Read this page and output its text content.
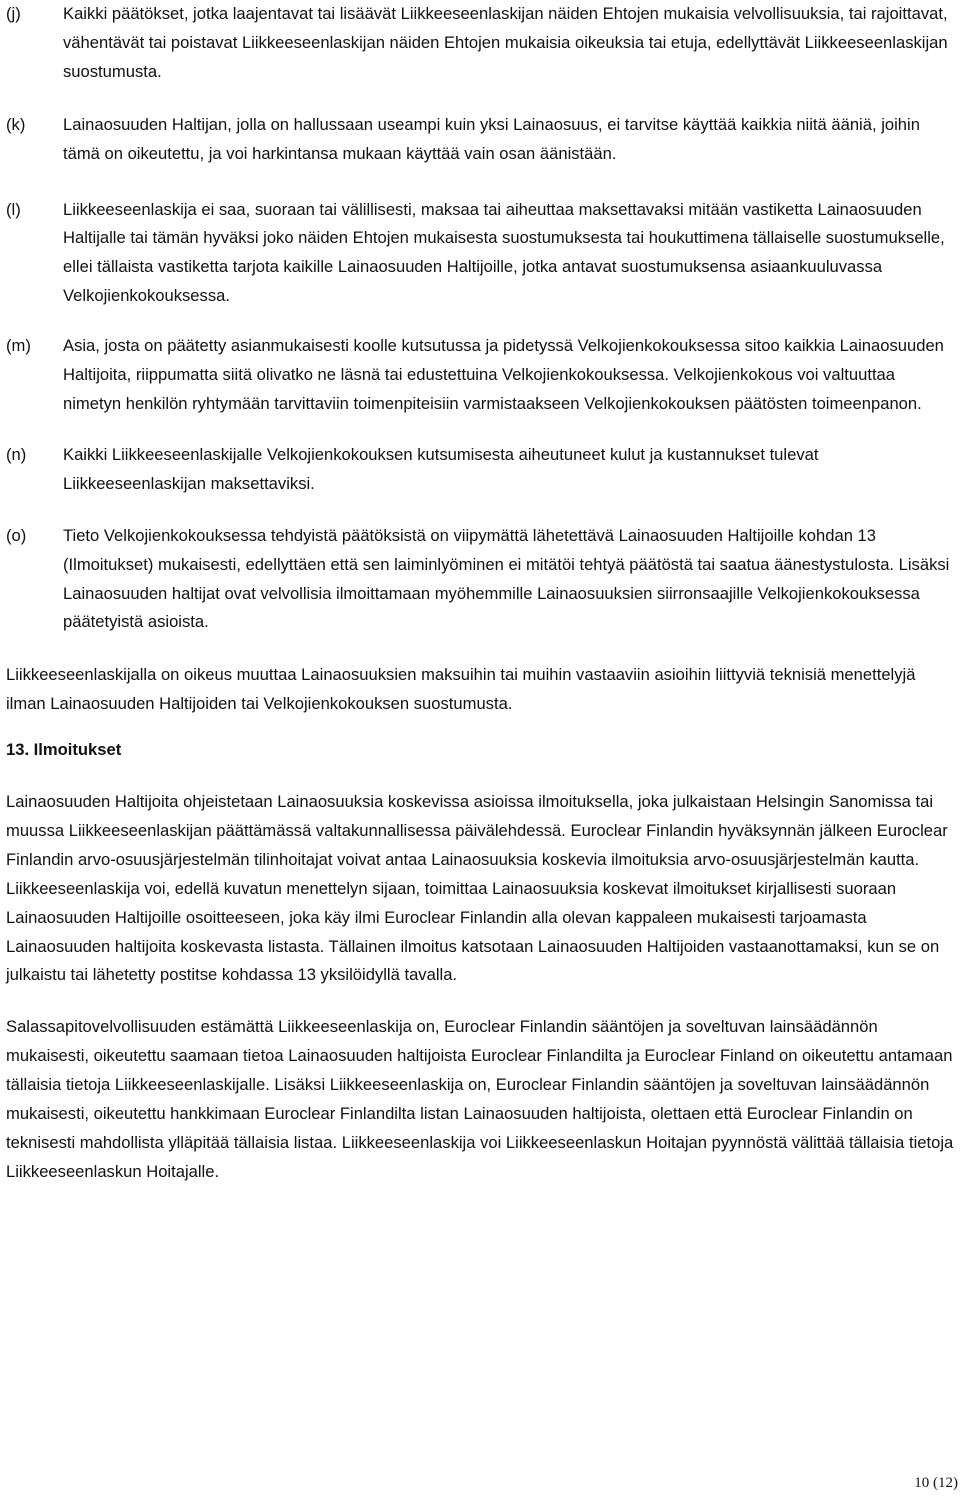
(j)	Kaikki päätökset, jotka laajentavat tai lisäävät Liikkeeseenlaskijan näiden Ehtojen mukaisia velvollisuuksia, tai rajoittavat, vähentävät tai poistavat Liikkeeseenlaskijan näiden Ehtojen mukaisia oikeuksia tai etuja, edellyttävät Liikkeeseenlaskijan suostumusta.

(k)	Lainaosuuden Haltijan, jolla on hallussaan useampi kuin yksi Lainaosuus, ei tarvitse käyttää kaikkia niitä ääniä, joihin tämä on oikeutettu, ja voi harkintansa mukaan käyttää vain osan äänistään.

(l)	Liikkeeseenlaskija ei saa, suoraan tai välillisesti, maksaa tai aiheuttaa maksettavaksi mitään vastiketta Lainaosuuden Haltijalle tai tämän hyväksi joko näiden Ehtojen mukaisesta suostumuksesta tai houkuttimena tällaiselle suostumukselle, ellei tällaista vastiketta tarjota kaikille Lainaosuuden Haltijoille, jotka antavat suostumuksensa asiaankuuluvassa Velkojienkokouksessa.

(m)	Asia, josta on päätetty asianmukaisesti koolle kutsutussa ja pidetyssä Velkojienkokouksessa sitoo kaikkia Lainaosuuden Haltijoita, riippumatta siitä olivatko ne läsnä tai edustettuina Velkojienkokouksessa. Velkojienkokous voi valtuuttaa nimetyn henkilön ryhtymään tarvittaviin toimenpiteisiin varmistaakseen Velkojienkokouksen päätösten toimeenpanon.

(n)	Kaikki Liikkeeseenlaskijalle Velkojienkokouksen kutsumisesta aiheutuneet kulut ja kustannukset tulevat Liikkeeseenlaskijan maksettaviksi.

(o)	Tieto Velkojienkokouksessa tehdyistä päätöksistä on viipymättä lähetettävä Lainaosuuden Haltijoille kohdan 13 (Ilmoitukset) mukaisesti, edellyttäen että sen laiminlyöminen ei mitätöi tehtyä päätöstä tai saatua äänestystulosta. Lisäksi Lainaosuuden haltijat ovat velvollisia ilmoittamaan myöhemmille Lainaosuuksien siirronsaajille Velkojienkokouksessa päätetyistä asioista.

Liikkeeseenlaskijalla on oikeus muuttaa Lainaosuuksien maksuihin tai muihin vastaaviin asioihin liittyviä teknisiä menettelyjä ilman Lainaosuuden Haltijoiden tai Velkojienkokouksen suostumusta.

13. Ilmoitukset

Lainaosuuden Haltijoita ohjeistetaan Lainaosuuksia koskevissa asioissa ilmoituksella, joka julkaistaan Helsingin Sanomissa tai muussa Liikkeeseenlaskijan päättämässä valtakunnallisessa päivälehdessä. Euroclear Finlandin hyväksynnän jälkeen Euroclear Finlandin arvo-osuusjärjestelmän tilinhoitajat voivat antaa Lainaosuuksia koskevia ilmoituksia arvo-osuusjärjestelmän kautta. Liikkeeseenlaskija voi, edellä kuvatun menettelyn sijaan, toimittaa Lainaosuuksia koskevat ilmoitukset kirjallisesti suoraan Lainaosuuden Haltijoille osoitteeseen, joka käy ilmi Euroclear Finlandin alla olevan kappaleen mukaisesti tarjoamasta Lainaosuuden haltijoita koskevasta listasta. Tällainen ilmoitus katsotaan Lainaosuuden Haltijoiden vastaanottamaksi, kun se on julkaistu tai lähetetty postitse kohdassa 13 yksilöidyllä tavalla.

Salassapitovelvollisuuden estämättä Liikkeeseenlaskija on, Euroclear Finlandin sääntöjen ja soveltuvan lainsäädännön mukaisesti, oikeutettu saamaan tietoa Lainaosuuden haltijoista Euroclear Finlandilta ja Euroclear Finland on oikeutettu antamaan tällaisia tietoja Liikkeeseenlaskijalle. Lisäksi Liikkeeseenlaskija on, Euroclear Finlandin sääntöjen ja soveltuvan lainsäädännön mukaisesti, oikeutettu hankkimaan Euroclear Finlandilta listan Lainaosuuden haltijoista, olettaen että Euroclear Finlandin on teknisesti mahdollista ylläpitää tällaisia listaa. Liikkeeseenlaskija voi Liikkeeseenlaskun Hoitajan pyynnöstä välittää tällaisia tietoja Liikkeeseenlaskun Hoitajalle.

10 (12)
